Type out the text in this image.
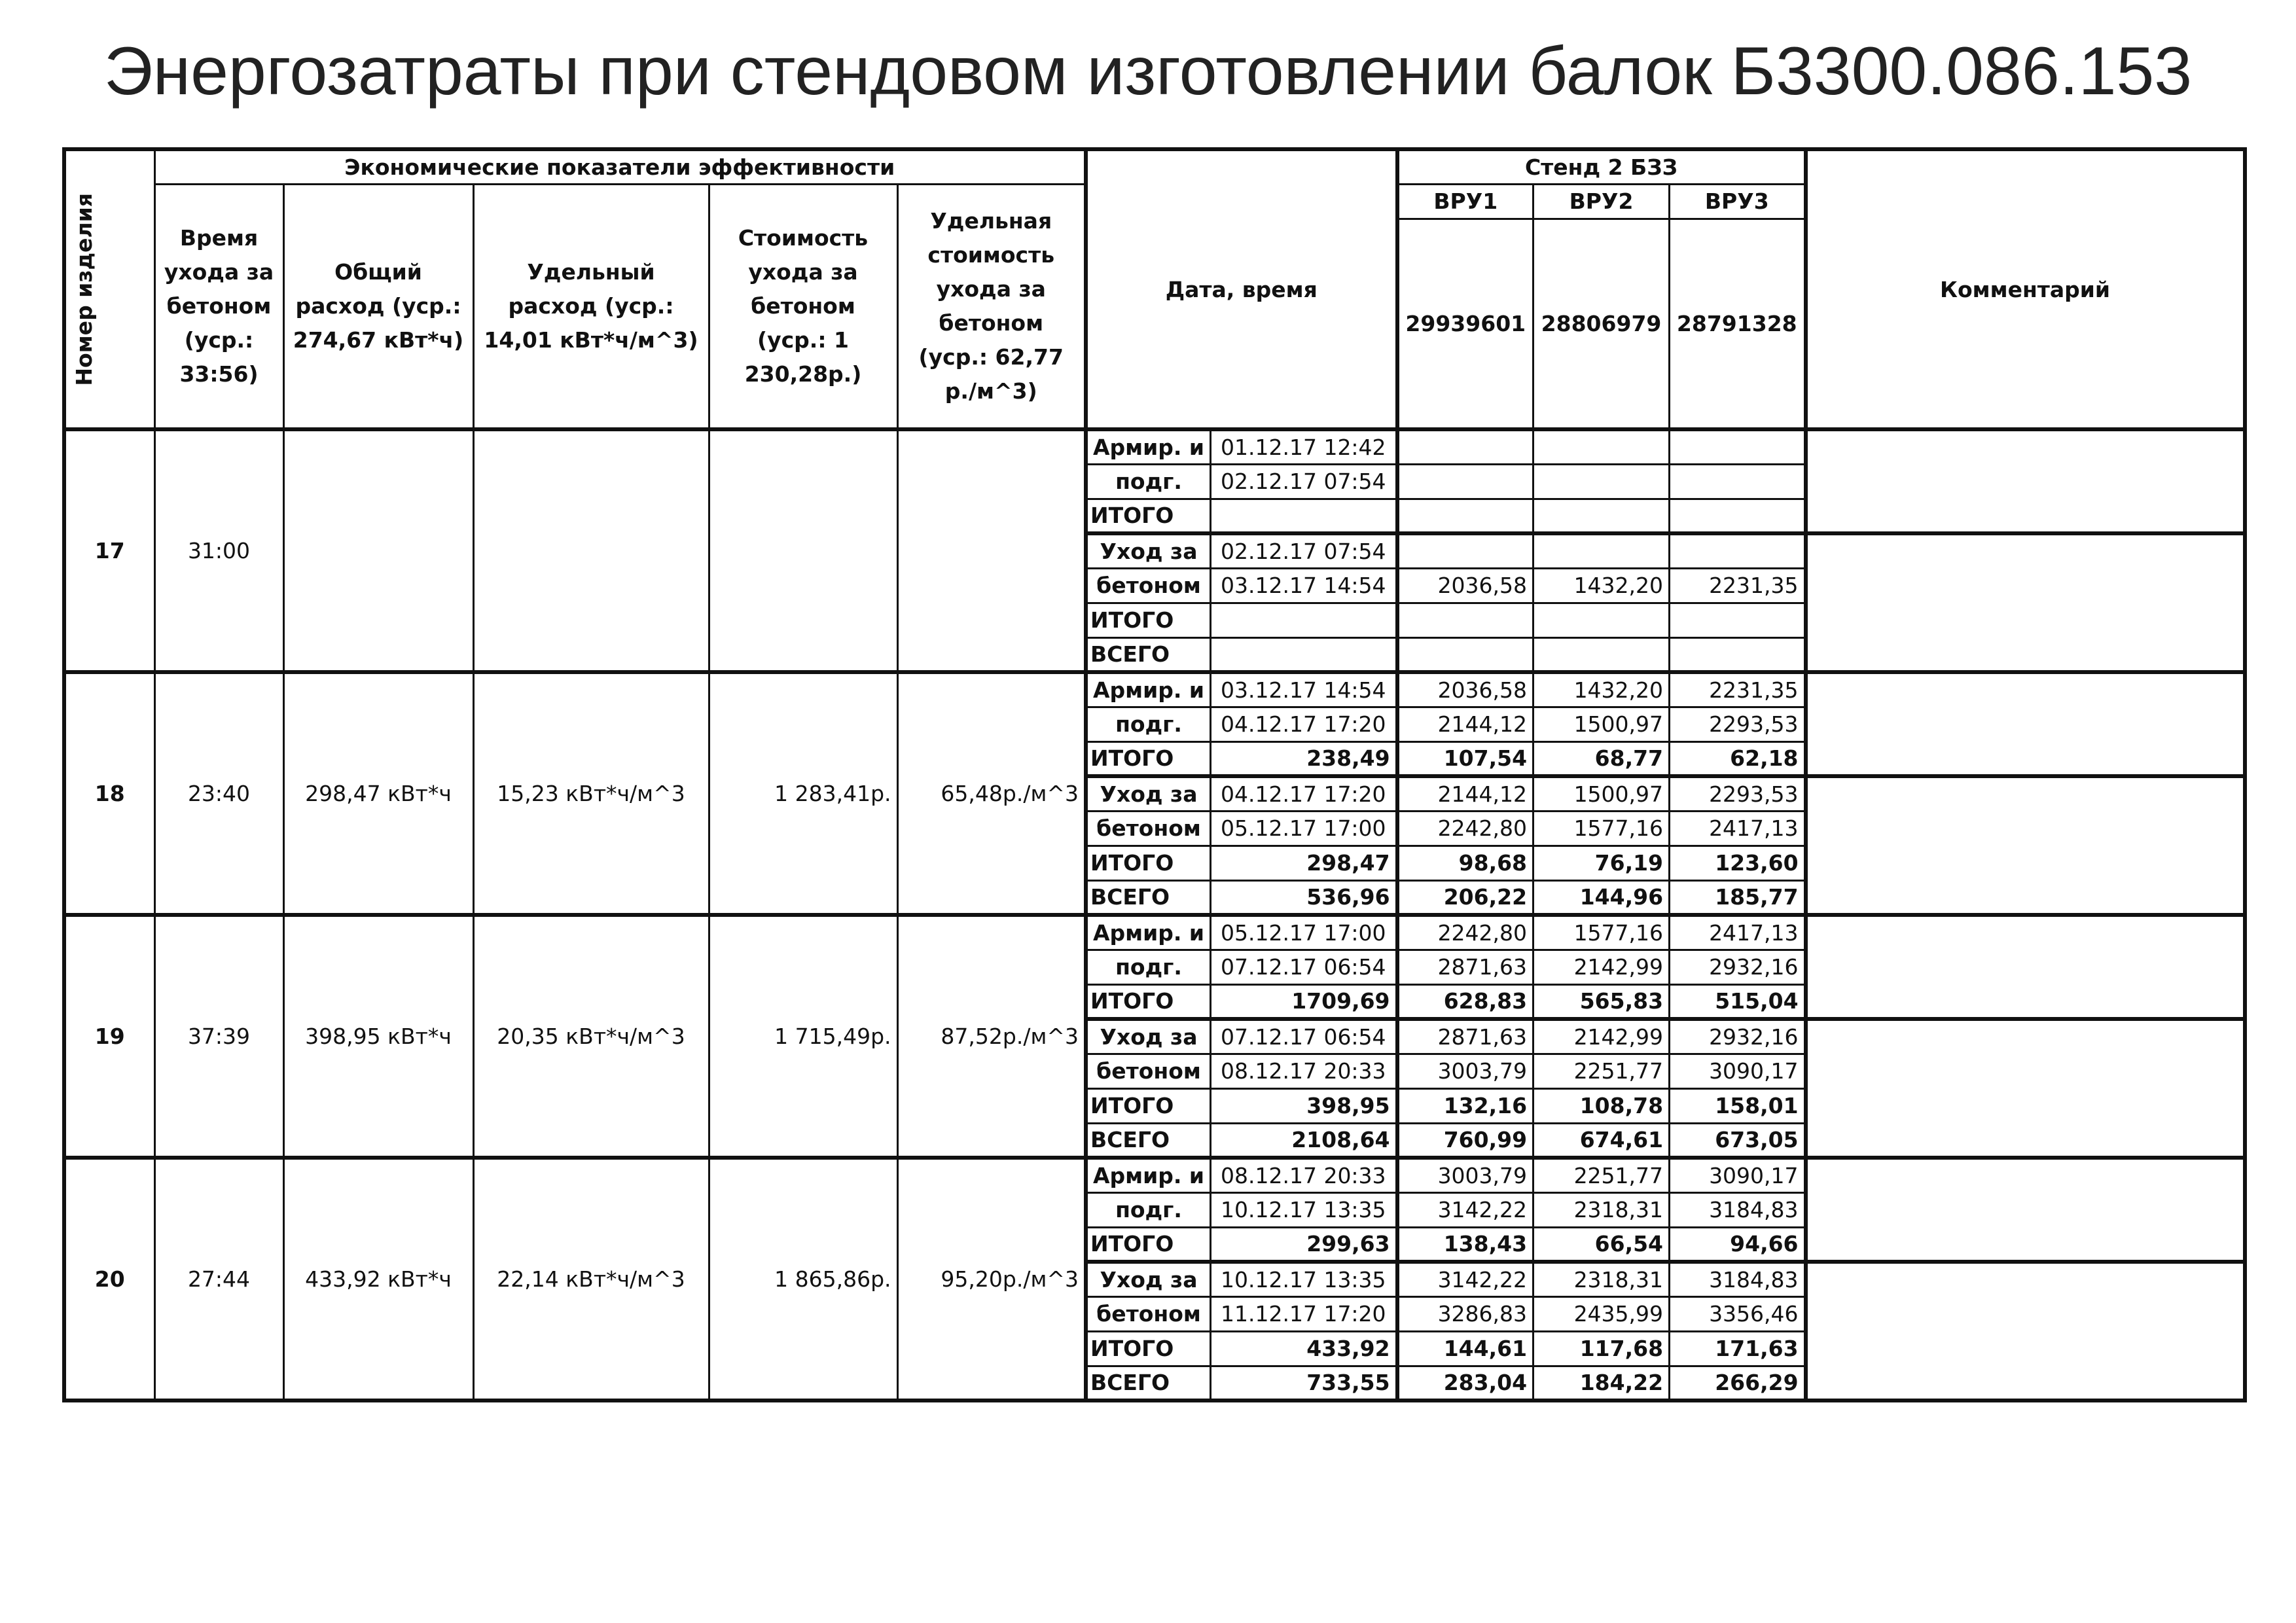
Энергозатраты при стендовом изготовлении балок Б3300.086.153
Номер изделия	Экономические показатели эффективности					Дата, время		Стенд 2 БЗЗ			Комментарий
	Время ухода за бетоном (уср.: 33:56)	Общий расход (уср.: 274,67 кВт*ч)	Удельный расход (уср.: 14,01 кВт*ч/м^3)	Стоимость ухода за бетоном (уср.: 1 230,28р.)	Удельная стоимость ухода за бетоном (уср.: 62,77 р./м^3)			ВРУ1	ВРУ2	ВРУ3	
								29939601	28806979	28791328	
17	31:00					Армир. и	01.12.17 12:42				
						подг.	02.12.17 07:54				
						ИТОГО					
						Уход за	02.12.17 07:54				
						бетоном	03.12.17 14:54	2036,58	1432,20	2231,35	
						ИТОГО					
						ВСЕГО					
18	23:40	298,47 кВт*ч	15,23 кВт*ч/м^3	1 283,41р.	65,48р./м^3	Армир. и	03.12.17 14:54	2036,58	1432,20	2231,35	
						подг.	04.12.17 17:20	2144,12	1500,97	2293,53	
						ИТОГО	238,49	107,54	68,77	62,18	
						Уход за	04.12.17 17:20	2144,12	1500,97	2293,53	
						бетоном	05.12.17 17:00	2242,80	1577,16	2417,13	
						ИТОГО	298,47	98,68	76,19	123,60	
						ВСЕГО	536,96	206,22	144,96	185,77	
19	37:39	398,95 кВт*ч	20,35 кВт*ч/м^3	1 715,49р.	87,52р./м^3	Армир. и	05.12.17 17:00	2242,80	1577,16	2417,13	
						подг.	07.12.17 06:54	2871,63	2142,99	2932,16	
						ИТОГО	1709,69	628,83	565,83	515,04	
						Уход за	07.12.17 06:54	2871,63	2142,99	2932,16	
						бетоном	08.12.17 20:33	3003,79	2251,77	3090,17	
						ИТОГО	398,95	132,16	108,78	158,01	
						ВСЕГО	2108,64	760,99	674,61	673,05	
20	27:44	433,92 кВт*ч	22,14 кВт*ч/м^3	1 865,86р.	95,20р./м^3	Армир. и	08.12.17 20:33	3003,79	2251,77	3090,17	
						подг.	10.12.17 13:35	3142,22	2318,31	3184,83	
						ИТОГО	299,63	138,43	66,54	94,66	
						Уход за	10.12.17 13:35	3142,22	2318,31	3184,83	
						бетоном	11.12.17 17:20	3286,83	2435,99	3356,46	
						ИТОГО	433,92	144,61	117,68	171,63	
						ВСЕГО	733,55	283,04	184,22	266,29	
